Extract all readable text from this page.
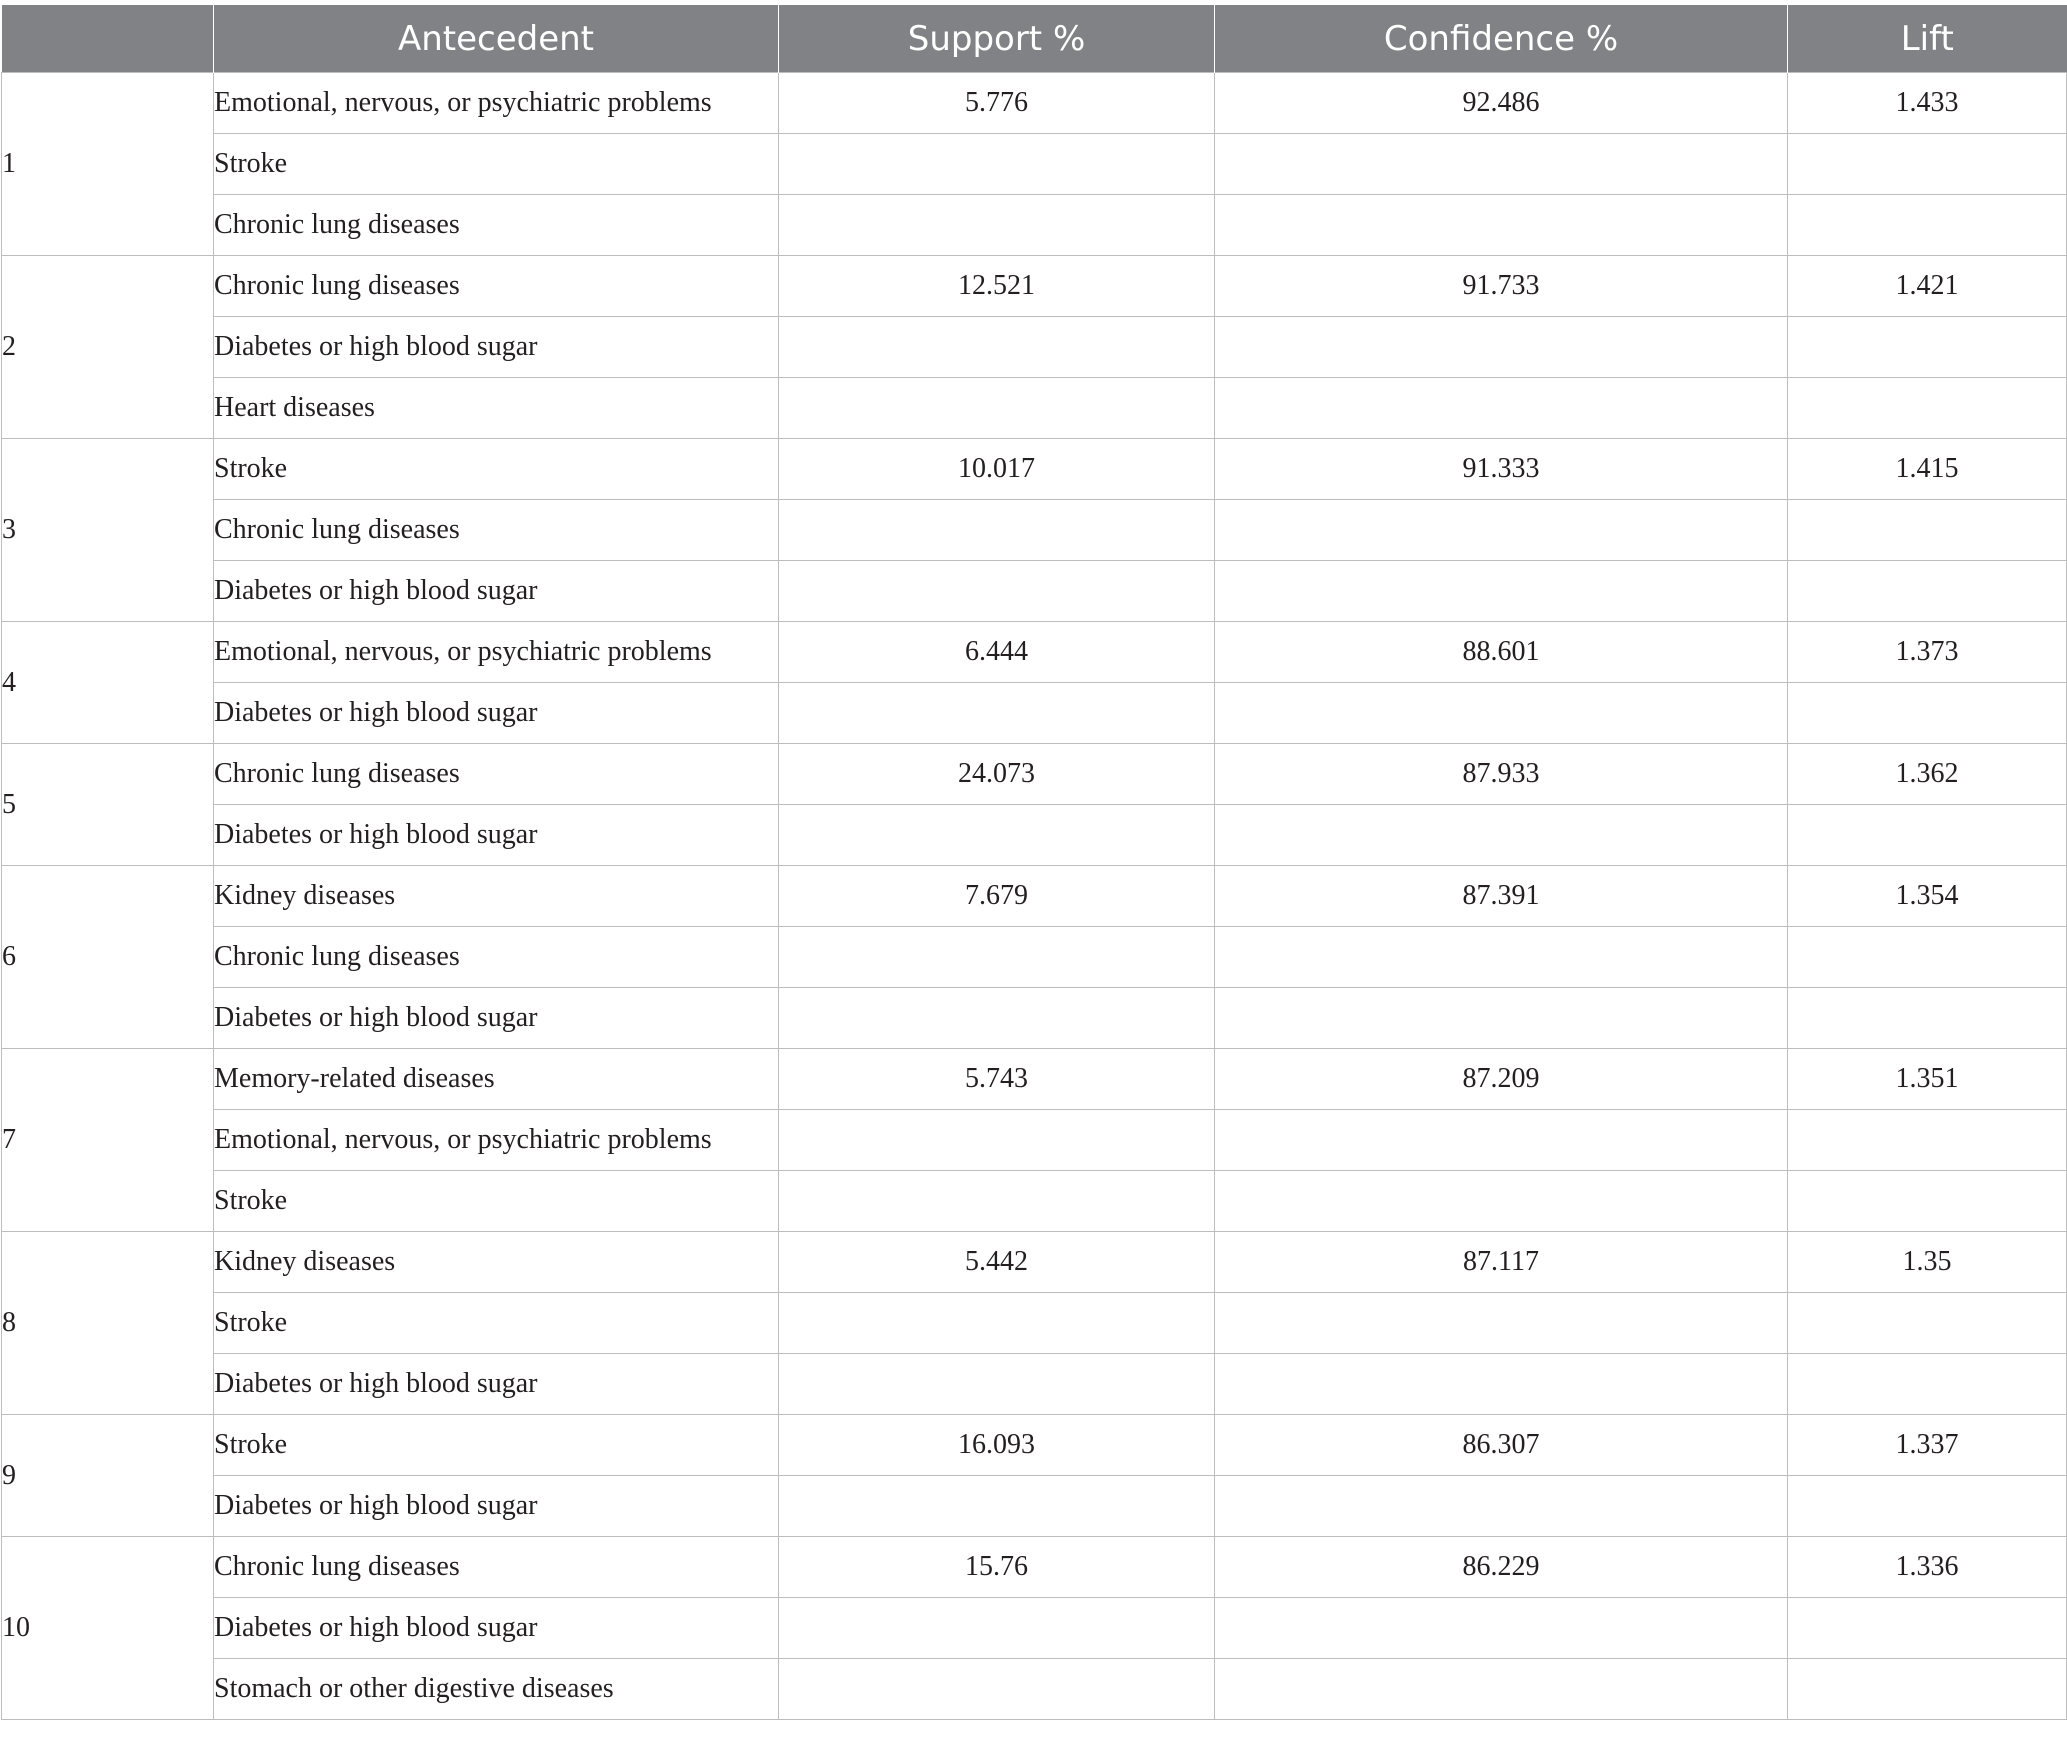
	Antecedent	Support %	Confidence %	Lift
1	Emotional, nervous, or psychiatric problems	5.776	92.486	1.433
	Stroke			
	Chronic lung diseases			
2	Chronic lung diseases	12.521	91.733	1.421
	Diabetes or high blood sugar			
	Heart diseases			
3	Stroke	10.017	91.333	1.415
	Chronic lung diseases			
	Diabetes or high blood sugar			
4	Emotional, nervous, or psychiatric problems	6.444	88.601	1.373
	Diabetes or high blood sugar			
5	Chronic lung diseases	24.073	87.933	1.362
	Diabetes or high blood sugar			
6	Kidney diseases	7.679	87.391	1.354
	Chronic lung diseases			
	Diabetes or high blood sugar			
7	Memory-related diseases	5.743	87.209	1.351
	Emotional, nervous, or psychiatric problems			
	Stroke			
8	Kidney diseases	5.442	87.117	1.35
	Stroke			
	Diabetes or high blood sugar			
9	Stroke	16.093	86.307	1.337
	Diabetes or high blood sugar			
10	Chronic lung diseases	15.76	86.229	1.336
	Diabetes or high blood sugar			
	Stomach or other digestive diseases			
